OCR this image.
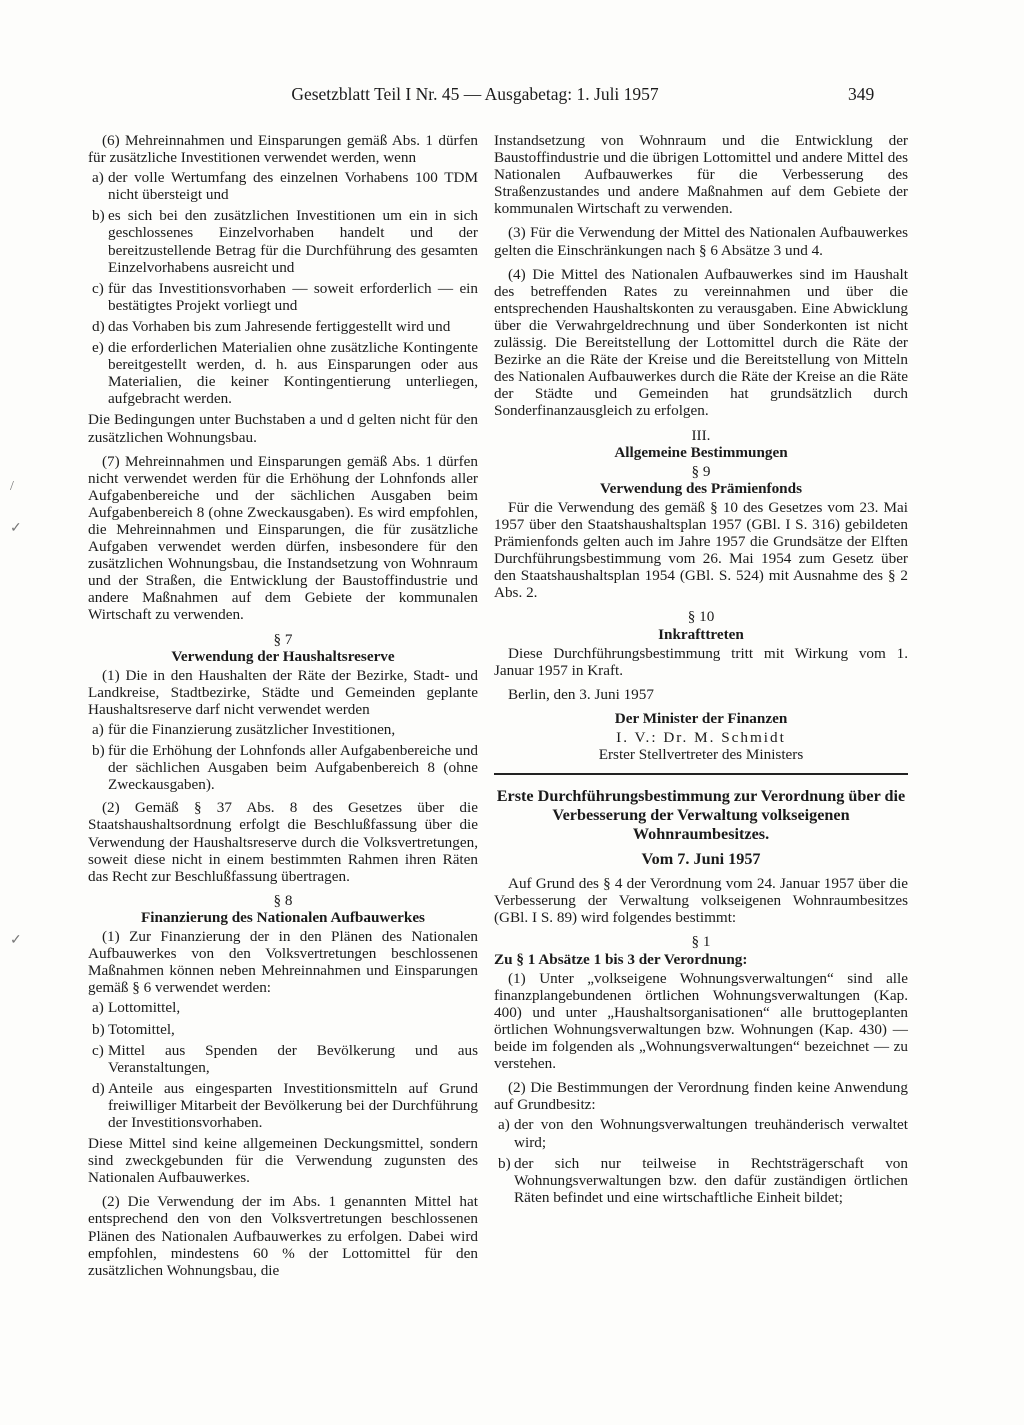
Gesetzblatt Teil I Nr. 45 — Ausgabetag: 1. Juli 1957	349
/
✓
✓

(6) Mehreinnahmen und Einsparungen gemäß Abs. 1 dürfen für zusätzliche Investitionen verwendet werden, wenn

a) der volle Wertumfang des einzelnen Vorhabens 100 TDM nicht übersteigt und
b) es sich bei den zusätzlichen Investitionen um ein in sich geschlossenes Einzelvorhaben handelt und der bereitzustellende Betrag für die Durchführung des gesamten Einzelvorhabens ausreicht und
c) für das Investitionsvorhaben — soweit erforderlich — ein bestätigtes Projekt vorliegt und
d) das Vorhaben bis zum Jahresende fertiggestellt wird und
e) die erforderlichen Materialien ohne zusätzliche Kontingente bereitgestellt werden, d. h. aus Einsparungen oder aus Materialien, die keiner Kontingentierung unterliegen, aufgebracht werden.

Die Bedingungen unter Buchstaben a und d gelten nicht für den zusätzlichen Wohnungsbau.

(7) Mehreinnahmen und Einsparungen gemäß Abs. 1 dürfen nicht verwendet werden für die Erhöhung der Lohnfonds aller Aufgabenbereiche und der sächlichen Ausgaben beim Aufgabenbereich 8 (ohne Zweckausgaben). Es wird empfohlen, die Mehreinnahmen und Einsparungen, die für zusätzliche Aufgaben verwendet werden dürfen, insbesondere für den zusätzlichen Wohnungsbau, die Instandsetzung von Wohnraum und der Straßen, die Entwicklung der Baustoffindustrie und andere Maßnahmen auf dem Gebiete der kommunalen Wirtschaft zu verwenden.

§ 7

Verwendung der Haushaltsreserve

(1) Die in den Haushalten der Räte der Bezirke, Stadt- und Landkreise, Stadtbezirke, Städte und Gemeinden geplante Haushaltsreserve darf nicht verwendet werden

a) für die Finanzierung zusätzlicher Investitionen,
b) für die Erhöhung der Lohnfonds aller Aufgabenbereiche und der sächlichen Ausgaben beim Aufgabenbereich 8 (ohne Zweckausgaben).

(2) Gemäß § 37 Abs. 8 des Gesetzes über die Staatshaushaltsordnung erfolgt die Beschlußfassung über die Verwendung der Haushaltsreserve durch die Volksvertretungen, soweit diese nicht in einem bestimmten Rahmen ihren Räten das Recht zur Beschlußfassung übertragen.

§ 8

Finanzierung des Nationalen Aufbauwerkes

(1) Zur Finanzierung der in den Plänen des Nationalen Aufbauwerkes von den Volksvertretungen beschlossenen Maßnahmen können neben Mehreinnahmen und Einsparungen gemäß § 6 verwendet werden:

a) Lottomittel,
b) Totomittel,
c) Mittel aus Spenden der Bevölkerung und aus Veranstaltungen,
d) Anteile aus eingesparten Investitionsmitteln auf Grund freiwilliger Mitarbeit der Bevölkerung bei der Durchführung der Investitionsvorhaben.

Diese Mittel sind keine allgemeinen Deckungsmittel, sondern sind zweckgebunden für die Verwendung zugunsten des Nationalen Aufbauwerkes.

(2) Die Verwendung der im Abs. 1 genannten Mittel hat entsprechend den von den Volksvertretungen beschlossenen Plänen des Nationalen Aufbauwerkes zu erfolgen. Dabei wird empfohlen, mindestens 60 % der Lottomittel für den zusätzlichen Wohnungsbau, die

Instandsetzung von Wohnraum und die Entwicklung der Baustoffindustrie und die übrigen Lottomittel und andere Mittel des Nationalen Aufbauwerkes für die Verbesserung des Straßenzustandes und andere Maßnahmen auf dem Gebiete der kommunalen Wirtschaft zu verwenden.

(3) Für die Verwendung der Mittel des Nationalen Aufbauwerkes gelten die Einschränkungen nach § 6 Absätze 3 und 4.

(4) Die Mittel des Nationalen Aufbauwerkes sind im Haushalt des betreffenden Rates zu vereinnahmen und über die entsprechenden Haushaltskonten zu verausgaben. Eine Abwicklung über die Verwahrgeldrechnung und über Sonderkonten ist nicht zulässig. Die Bereitstellung der Lottomittel durch die Räte der Bezirke an die Räte der Kreise und die Bereitstellung von Mitteln des Nationalen Aufbauwerkes durch die Räte der Kreise an die Räte der Städte und Gemeinden hat grundsätzlich durch Sonderfinanzausgleich zu erfolgen.

III.

Allgemeine Bestimmungen

§ 9

Verwendung des Prämienfonds

Für die Verwendung des gemäß § 10 des Gesetzes vom 23. Mai 1957 über den Staatshaushaltsplan 1957 (GBl. I S. 316) gebildeten Prämienfonds gelten auch im Jahre 1957 die Grundsätze der Elften Durchführungsbestimmung vom 26. Mai 1954 zum Gesetz über den Staatshaushaltsplan 1954 (GBl. S. 524) mit Ausnahme des § 2 Abs. 2.

§ 10

Inkrafttreten

Diese Durchführungsbestimmung tritt mit Wirkung vom 1. Januar 1957 in Kraft.

Berlin, den 3. Juni 1957

Der Minister der Finanzen

I. V.: Dr. M. Schmidt

Erster Stellvertreter des Ministers

Erste Durchführungsbestimmung zur Verordnung über die Verbesserung der Verwaltung volkseigenen Wohnraumbesitzes.

Vom 7. Juni 1957

Auf Grund des § 4 der Verordnung vom 24. Januar 1957 über die Verbesserung der Verwaltung volkseigenen Wohnraumbesitzes (GBl. I S. 89) wird folgendes bestimmt:

§ 1

Zu § 1 Absätze 1 bis 3 der Verordnung:

(1) Unter „volkseigene Wohnungsverwaltungen“ sind alle finanzplangebundenen örtlichen Wohnungsverwaltungen (Kap. 400) und unter „Haushaltsorganisationen“ alle bruttogeplanten örtlichen Wohnungsverwaltungen bzw. Wohnungen (Kap. 430) — beide im folgenden als „Wohnungsverwaltungen“ bezeichnet — zu verstehen.

(2) Die Bestimmungen der Verordnung finden keine Anwendung auf Grundbesitz:

a) der von den Wohnungsverwaltungen treuhänderisch verwaltet wird;
b) der sich nur teilweise in Rechtsträgerschaft von Wohnungsverwaltungen bzw. den dafür zuständigen örtlichen Räten befindet und eine wirtschaftliche Einheit bildet;
